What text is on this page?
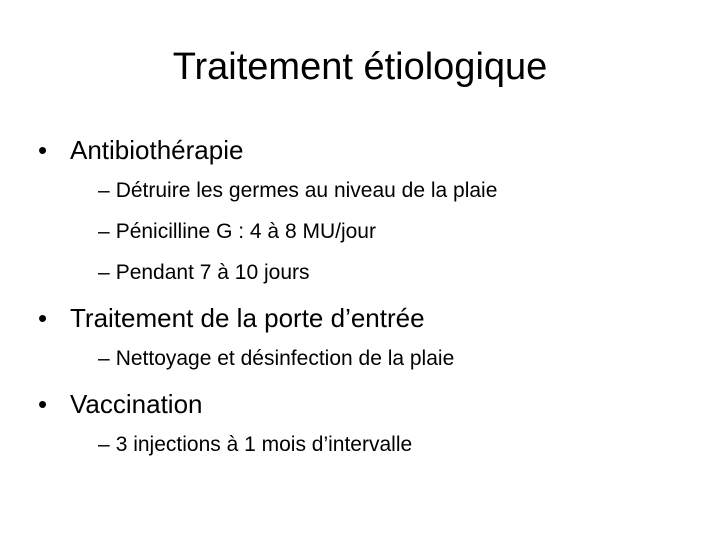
Traitement étiologique
• Antibiothérapie
– Détruire les germes au niveau de la plaie
– Pénicilline G : 4 à 8 MU/jour
– Pendant 7 à 10 jours
• Traitement de la porte d’entrée
– Nettoyage et désinfection de la plaie
• Vaccination
– 3 injections à 1 mois d’intervalle
